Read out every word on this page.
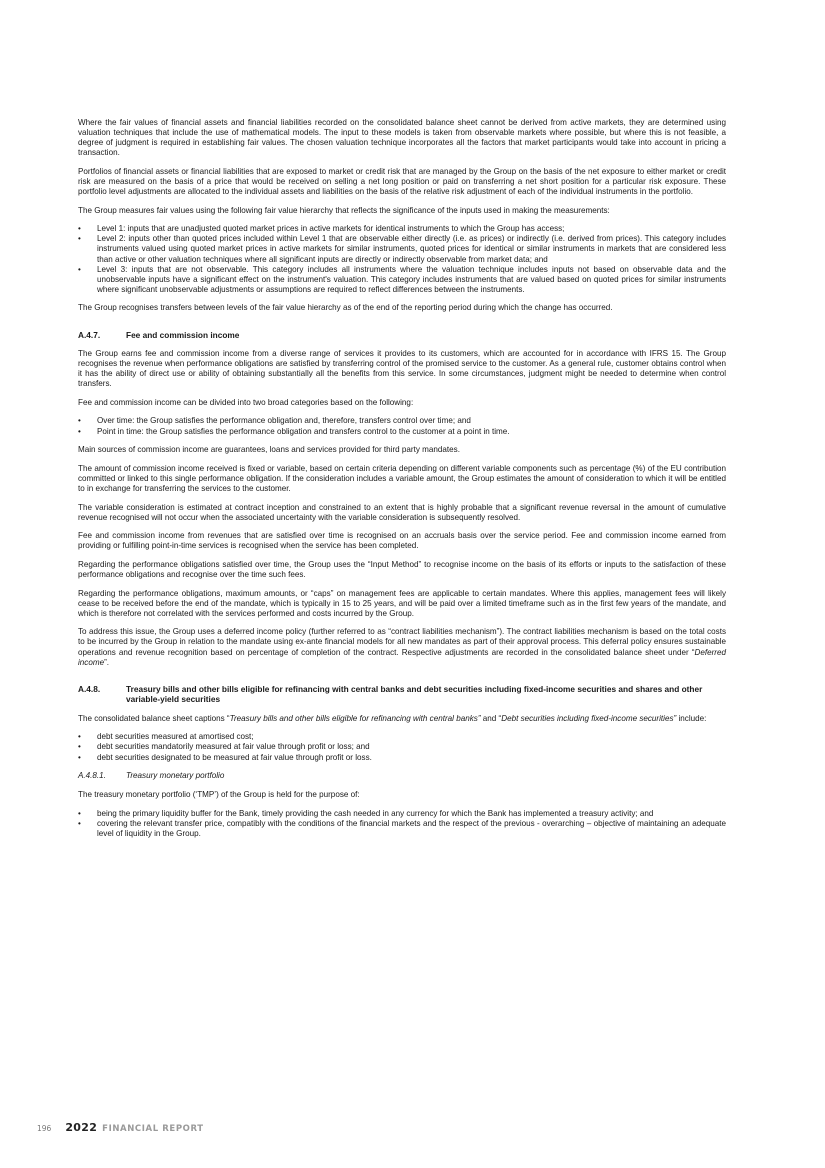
Where the fair values of financial assets and financial liabilities recorded on the consolidated balance sheet cannot be derived from active markets, they are determined using valuation techniques that include the use of mathematical models. The input to these models is taken from observable markets where possible, but where this is not feasible, a degree of judgment is required in establishing fair values. The chosen valuation technique incorporates all the factors that market participants would take into account in pricing a transaction.

Portfolios of financial assets or financial liabilities that are exposed to market or credit risk that are managed by the Group on the basis of the net exposure to either market or credit risk are measured on the basis of a price that would be received on selling a net long position or paid on transferring a net short position for a particular risk exposure. These portfolio level adjustments are allocated to the individual assets and liabilities on the basis of the relative risk adjustment of each of the individual instruments in the portfolio.

The Group measures fair values using the following fair value hierarchy that reflects the significance of the inputs used in making the measurements:

• Level 1: inputs that are unadjusted quoted market prices in active markets for identical instruments to which the Group has access;
• Level 2: inputs other than quoted prices included within Level 1 that are observable either directly (i.e. as prices) or indirectly (i.e. derived from prices). This category includes instruments valued using quoted market prices in active markets for similar instruments, quoted prices for identical or similar instruments in markets that are considered less than active or other valuation techniques where all significant inputs are directly or indirectly observable from market data; and
• Level 3: inputs that are not observable. This category includes all instruments where the valuation technique includes inputs not based on observable data and the unobservable inputs have a significant effect on the instrument's valuation. This category includes instruments that are valued based on quoted prices for similar instruments where significant unobservable adjustments or assumptions are required to reflect differences between the instruments.

The Group recognises transfers between levels of the fair value hierarchy as of the end of the reporting period during which the change has occurred.

A.4.7.	Fee and commission income

The Group earns fee and commission income from a diverse range of services it provides to its customers, which are accounted for in accordance with IFRS 15. The Group recognises the revenue when performance obligations are satisfied by transferring control of the promised service to the customer. As a general rule, customer obtains control when it has the ability of direct use or ability of obtaining substantially all the benefits from this service. In some circumstances, judgment might be needed to determine when control transfers.

Fee and commission income can be divided into two broad categories based on the following:

• Over time: the Group satisfies the performance obligation and, therefore, transfers control over time; and
• Point in time: the Group satisfies the performance obligation and transfers control to the customer at a point in time.

Main sources of commission income are guarantees, loans and services provided for third party mandates.

The amount of commission income received is fixed or variable, based on certain criteria depending on different variable components such as percentage (%) of the EU contribution committed or linked to this single performance obligation. If the consideration includes a variable amount, the Group estimates the amount of consideration to which it will be entitled to in exchange for transferring the services to the customer.

The variable consideration is estimated at contract inception and constrained to an extent that is highly probable that a significant revenue reversal in the amount of cumulative revenue recognised will not occur when the associated uncertainty with the variable consideration is subsequently resolved.

Fee and commission income from revenues that are satisfied over time is recognised on an accruals basis over the service period. Fee and commission income earned from providing or fulfilling point-in-time services is recognised when the service has been completed.

Regarding the performance obligations satisfied over time, the Group uses the “Input Method” to recognise income on the basis of its efforts or inputs to the satisfaction of these performance obligations and recognise over the time such fees.

Regarding the performance obligations, maximum amounts, or “caps” on management fees are applicable to certain mandates. Where this applies, management fees will likely cease to be received before the end of the mandate, which is typically in 15 to 25 years, and will be paid over a limited timeframe such as in the first few years of the mandate, and which is therefore not correlated with the services performed and costs incurred by the Group.

To address this issue, the Group uses a deferred income policy (further referred to as “contract liabilities mechanism”). The contract liabilities mechanism is based on the total costs to be incurred by the Group in relation to the mandate using ex-ante financial models for all new mandates as part of their approval process. This deferral policy ensures sustainable operations and revenue recognition based on percentage of completion of the contract. Respective adjustments are recorded in the consolidated balance sheet under “Deferred income”.

A.4.8.	Treasury bills and other bills eligible for refinancing with central banks and debt securities including fixed-income securities and shares and other variable-yield securities

The consolidated balance sheet captions “Treasury bills and other bills eligible for refinancing with central banks” and “Debt securities including fixed-income securities” include:

• debt securities measured at amortised cost;
• debt securities mandatorily measured at fair value through profit or loss; and
• debt securities designated to be measured at fair value through profit or loss.
A.4.8.1.	Treasury monetary portfolio

The treasury monetary portfolio (‘TMP’) of the Group is held for the purpose of:

• being the primary liquidity buffer for the Bank, timely providing the cash needed in any currency for which the Bank has implemented a treasury activity; and
• covering the relevant transfer price, compatibly with the conditions of the financial markets and the respect of the previous - overarching – objective of maintaining an adequate level of liquidity in the Group.
196 2022 FINANCIAL REPORT
